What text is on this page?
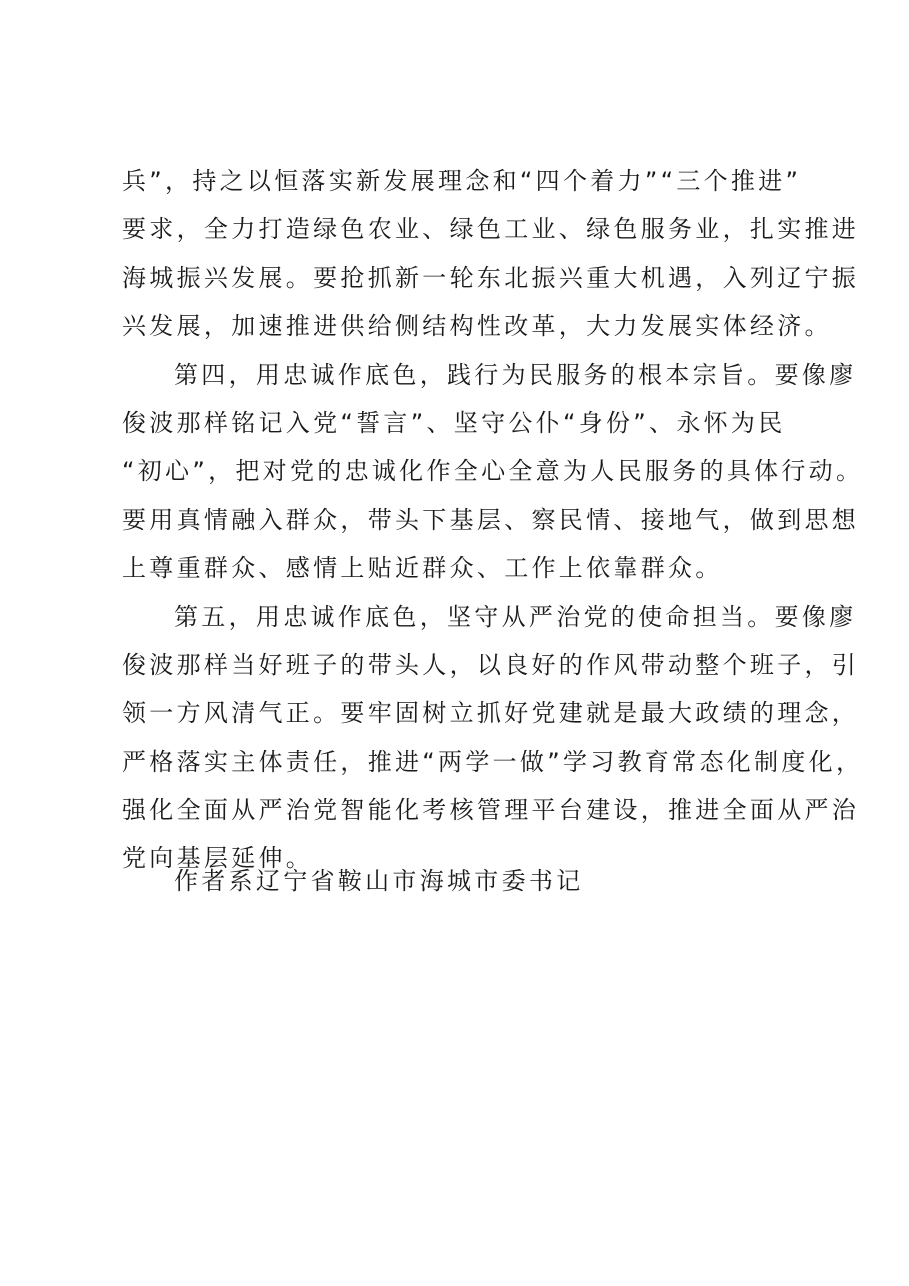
兵”，持之以恒落实新发展理念和“四个着力”“三个推进”
要求，全力打造绿色农业、绿色工业、绿色服务业，扎实推进
海城振兴发展。要抢抓新一轮东北振兴重大机遇，入列辽宁振
兴发展，加速推进供给侧结构性改革，大力发展实体经济。
第四，用忠诚作底色，践行为民服务的根本宗旨。要像廖
俊波那样铭记入党“誓言”、坚守公仆“身份”、永怀为民
“初心”，把对党的忠诚化作全心全意为人民服务的具体行动。
要用真情融入群众，带头下基层、察民情、接地气，做到思想
上尊重群众、感情上贴近群众、工作上依靠群众。
第五，用忠诚作底色，坚守从严治党的使命担当。要像廖
俊波那样当好班子的带头人，以良好的作风带动整个班子，引
领一方风清气正。要牢固树立抓好党建就是最大政绩的理念，
严格落实主体责任，推进“两学一做”学习教育常态化制度化，
强化全面从严治党智能化考核管理平台建设，推进全面从严治
党向基层延伸。
作者系辽宁省鞍山市海城市委书记
